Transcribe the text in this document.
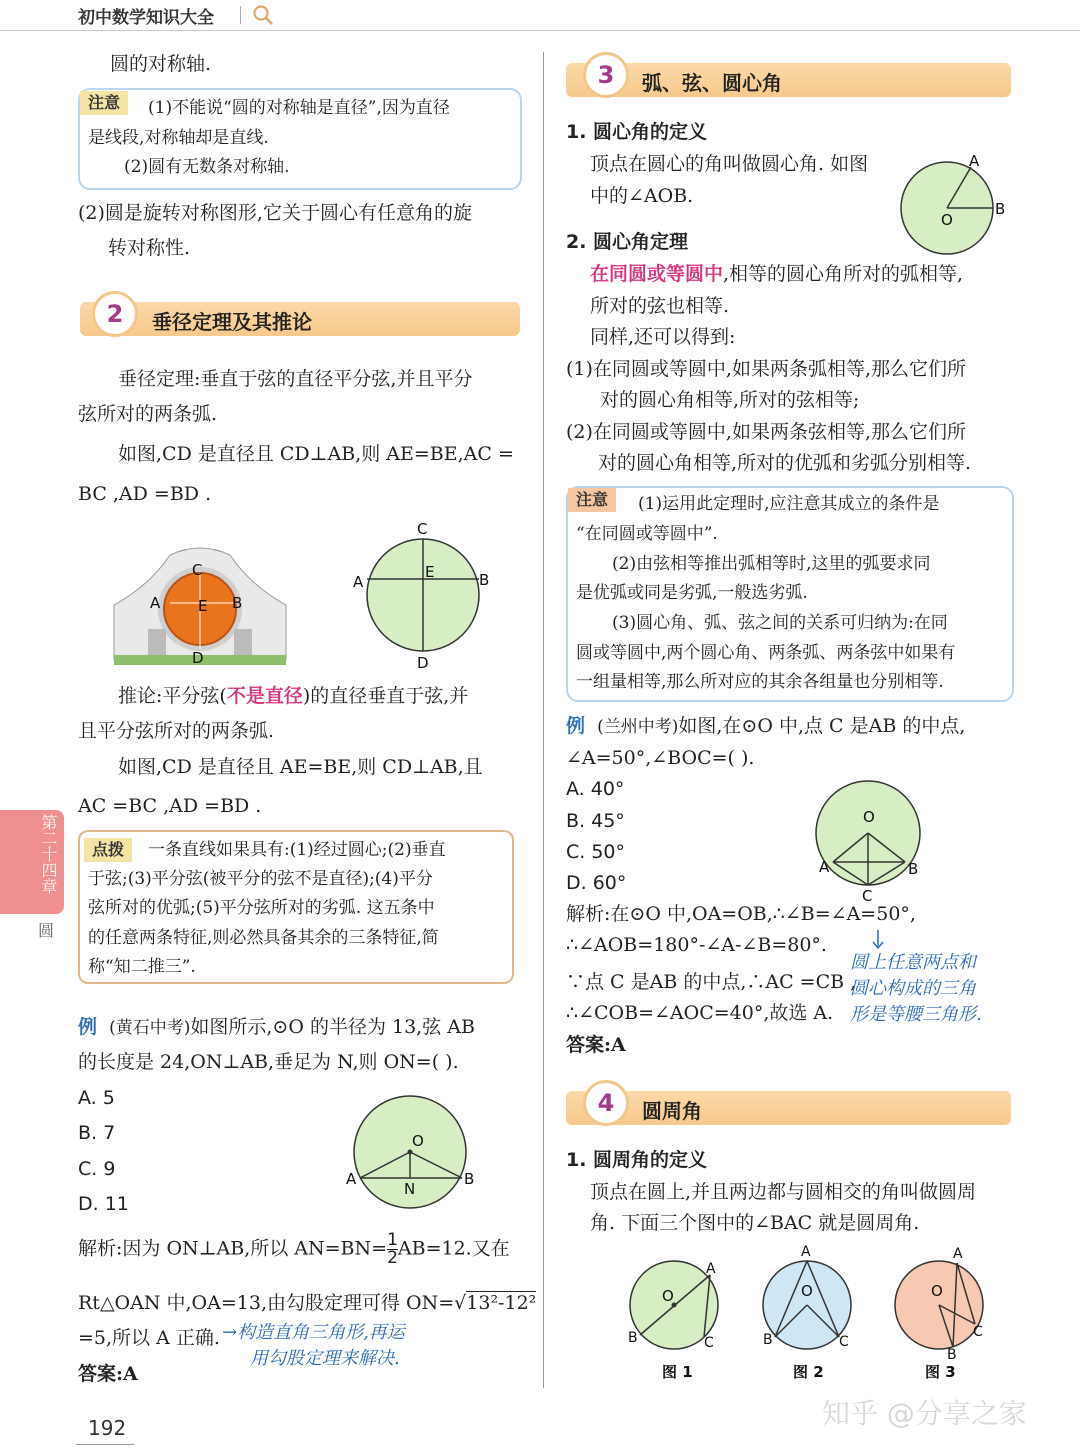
初中数学知识大全
圆的对称轴.
注意	(1)不能说“圆的对称轴是直径”,因为直径
是线段,对称轴却是直线.
(2)圆有无数条对称轴.
(2)圆是旋转对称图形,它关于圆心有任意角的旋
转对称性.
2	垂径定理及其推论
垂径定理:垂直于弦的直径平分弦,并且平分
弦所对的两条弧.
如图,CD 是直径且 CD⊥AB,则 AE=BE,AC =
BC ,AD =BD .
C
A	E B
D
C
A
E	B
D
推论:平分弦(不是直径)的直径垂直于弦,并
且平分弦所对的两条弧.
如图,CD 是直径且 AE=BE,则 CD⊥AB,且
AC =BC ,AD =BD .
点拨	一条直线如果具有:(1)经过圆心;(2)垂直
于弦;(3)平分弦(被平分的弦不是直径);(4)平分
弦所对的优弧;(5)平分弦所对的劣弧. 这五条中
的任意两条特征,则必然具备其余的三条特征,简
称“知二推三”.
例 (黄石中考)如图所示,⊙O 的半径为 13,弦 AB
的长度是 24,ON⊥AB,垂足为 N,则 ON=( ).
A. 5
B. 7
C. 9
D. 11
O
A	B
N
解析:因为 ON⊥AB,所以 $AN=BN= \frac{1}{2} AB=12$.又在
Rt△OAN 中,OA=13,由勾股定理可得 ON=√13²-12²
=5,所以 A 正确. →构造直角三角形,再运
用勾股定理来解决.
答案:A
第二十四章
圆
192
3	弧、弦、圆心角
1. 圆心角的定义
顶点在圆心的角叫做圆心角. 如图
中的∠AOB.
A
B
O
2. 圆心角定理
在同圆或等圆中,相等的圆心角所对的弧相等,
所对的弦也相等.
同样,还可以得到:
(1)在同圆或等圆中,如果两条弧相等,那么它们所
对的圆心角相等,所对的弦相等;
(2)在同圆或等圆中,如果两条弦相等,那么它们所
对的圆心角相等,所对的优弧和劣弧分别相等.
注意	(1)运用此定理时,应注意其成立的条件是
“在同圆或等圆中”.
(2)由弦相等推出弧相等时,这里的弧要求同
是优弧或同是劣弧,一般选劣弧.
(3)圆心角、弧、弦之间的关系可归纳为:在同
圆或等圆中,两个圆心角、两条弧、两条弦中如果有
一组量相等,那么所对应的其余各组量也分别相等.
例 (兰州中考)如图,在⊙O 中,点 C 是AB 的中点,
∠A=50°,∠BOC=( ).
A. 40°
B. 45°
C. 50°
D. 60°
O
A	B
C
解析:在⊙O 中,OA=OB,∴∠B=∠A=50°,
∴∠AOB=180°-∠A-∠B=80°.
∵点 C 是AB 的中点,∴AC =CB ,
∴∠COB=∠AOC=40°,故选 A.
答案:A
圆上任意两点和
圆心构成的三角
形是等腰三角形.
4	圆周角
1. 圆周角的定义
顶点在圆上,并且两边都与圆相交的角叫做圆周
角. 下面三个图中的∠BAC 就是圆周角.
O
A
B	C
图 1
A
O
B	C
图 2
A
O
C
B
图 3
知乎 @分享之家
